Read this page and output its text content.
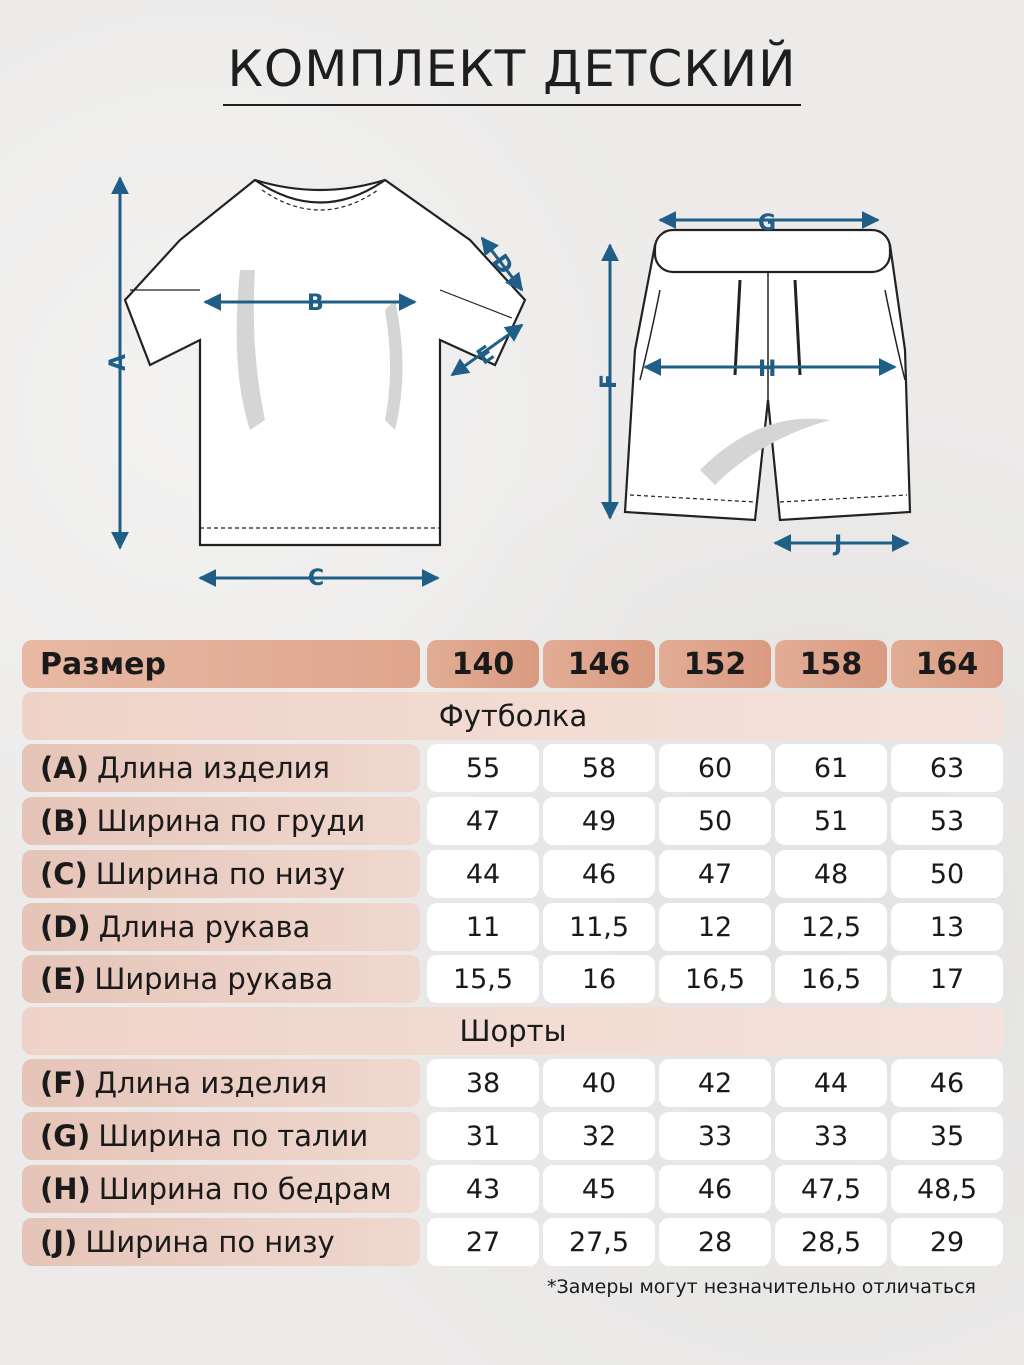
КОМПЛЕКТ ДЕТСКИЙ
A
B
C
D
E
F
G
H
J
Размер	140	146	152	158	164
Футболка
(A) Длина изделия	55	58	60	61	63
(B) Ширина по груди	47	49	50	51	53
(C) Ширина по низу	44	46	47	48	50
(D) Длина рукава	11	11,5	12	12,5	13
(E) Ширина рукава	15,5	16	16,5	16,5	17
Шорты
(F) Длина изделия	38	40	42	44	46
(G) Ширина по талии	31	32	33	33	35
(H) Ширина по бедрам	43	45	46	47,5	48,5
(J) Ширина по низу	27	27,5	28	28,5	29
*Замеры могут незначительно отличаться
